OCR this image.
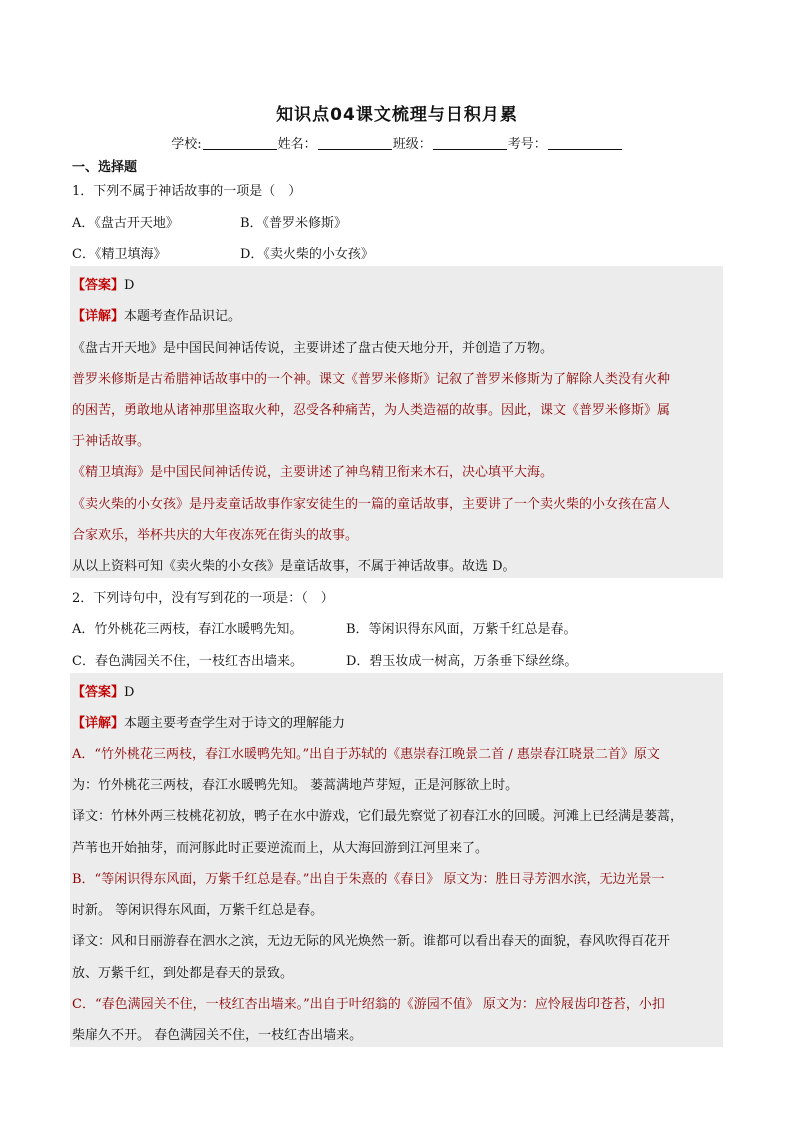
知识点04课文梳理与日积月累
学校:	姓名：	班级：	考号：
一、选择题
1．下列不属于神话故事的一项是（　）
A．《盘古开天地》	B．《普罗米修斯》
C．《精卫填海》	D．《卖火柴的小女孩》
【答案】D
【详解】本题考查作品识记。
《盘古开天地》是中国民间神话传说，主要讲述了盘古使天地分开，并创造了万物。
普罗米修斯是古希腊神话故事中的一个神。课文《普罗米修斯》记叙了普罗米修斯为了解除人类没有火种
的困苦，勇敢地从诸神那里盗取火种，忍受各种痛苦，为人类造福的故事。因此，课文《普罗米修斯》属
于神话故事。
《精卫填海》是中国民间神话传说，主要讲述了神鸟精卫衔来木石，决心填平大海。
《卖火柴的小女孩》是丹麦童话故事作家安徒生的一篇的童话故事，主要讲了一个卖火柴的小女孩在富人
合家欢乐，举杯共庆的大年夜冻死在街头的故事。
从以上资料可知《卖火柴的小女孩》是童话故事，不属于神话故事。故选 D。
2．下列诗句中，没有写到花的一项是：（　）
A．竹外桃花三两枝，春江水暖鸭先知。	B．等闲识得东风面，万紫千红总是春。
C．春色满园关不住，一枝红杏出墙来。	D．碧玉妆成一树高，万条垂下绿丝绦。
【答案】D
【详解】本题主要考查学生对于诗文的理解能力
A．“竹外桃花三两枝，春江水暖鸭先知。”出自于苏轼的《惠崇春江晚景二首 / 惠崇春江晓景二首》原文
为：竹外桃花三两枝，春江水暖鸭先知。 蒌蒿满地芦芽短，正是河豚欲上时。
译文：竹林外两三枝桃花初放，鸭子在水中游戏，它们最先察觉了初春江水的回暖。河滩上已经满是蒌蒿，
芦苇也开始抽芽，而河豚此时正要逆流而上，从大海回游到江河里来了。
B．“等闲识得东风面，万紫千红总是春。”出自于朱熹的《春日》 原文为：胜日寻芳泗水滨，无边光景一
时新。 等闲识得东风面，万紫千红总是春。
译文：风和日丽游春在泗水之滨，无边无际的风光焕然一新。谁都可以看出春天的面貌，春风吹得百花开
放、万紫千红，到处都是春天的景致。
C．“春色满园关不住，一枝红杏出墙来。”出自于叶绍翁的《游园不值》 原文为：应怜屐齿印苍苔，小扣
柴扉久不开。 春色满园关不住，一枝红杏出墙来。
